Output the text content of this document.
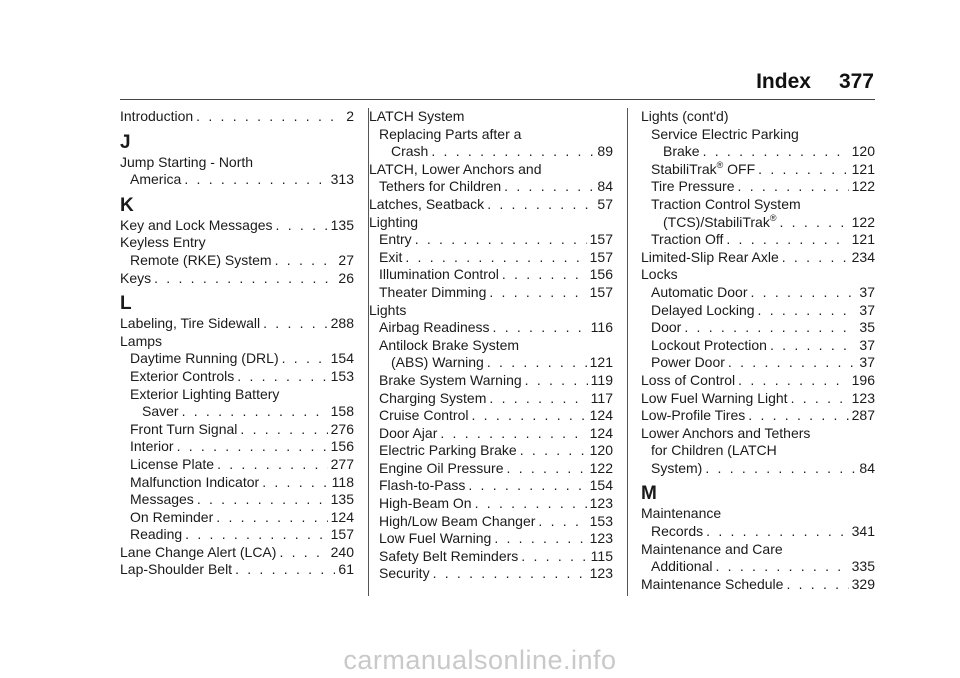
Index 377
Introduction . . .	2
J
Jump Starting - North
America . . .	313
K
Key and Lock Messages . . .	135
Keyless Entry
Remote (RKE) System . . .	27
Keys . . .	26
L
Labeling, Tire Sidewall . . .	288
Lamps
Daytime Running (DRL) . . .	154
Exterior Controls . . .	153
Exterior Lighting Battery
Saver . . .	158
Front Turn Signal . . .	276
Interior . . .	156
License Plate . . .	277
Malfunction Indicator . . .	118
Messages . . .	135
On Reminder . . .	124
Reading . . .	157
Lane Change Alert (LCA) . . .	240
Lap-Shoulder Belt . . .	61
LATCH System
Replacing Parts after a
Crash . . .	89
LATCH, Lower Anchors and
Tethers for Children . . .	84
Latches, Seatback . . .	57
Lighting
Entry . . .	157
Exit . . .	157
Illumination Control . . .	156
Theater Dimming . . .	157
Lights
Airbag Readiness . . .	116
Antilock Brake System
(ABS) Warning . . .	121
Brake System Warning . . .	119
Charging System . . .	117
Cruise Control . . .	124
Door Ajar . . .	124
Electric Parking Brake . . .	120
Engine Oil Pressure . . .	122
Flash-to-Pass . . .	154
High-Beam On . . .	123
High/Low Beam Changer . . .	153
Low Fuel Warning . . .	123
Safety Belt Reminders . . .	115
Security . . .	123
Lights (cont'd)
Service Electric Parking
Brake . . .	120
StabiliTrak® OFF . . .	121
Tire Pressure . . .	122
Traction Control System
(TCS)/StabiliTrak® . . .	122
Traction Off . . .	121
Limited-Slip Rear Axle . . .	234
Locks
Automatic Door . . .	37
Delayed Locking . . .	37
Door . . .	35
Lockout Protection . . .	37
Power Door . . .	37
Loss of Control . . .	196
Low Fuel Warning Light . . .	123
Low-Profile Tires . . .	287
Lower Anchors and Tethers
for Children (LATCH
System) . . .	84
M
Maintenance
Records . . .	341
Maintenance and Care
Additional . . .	335
Maintenance Schedule . . .	329
carmanualsonline.info
